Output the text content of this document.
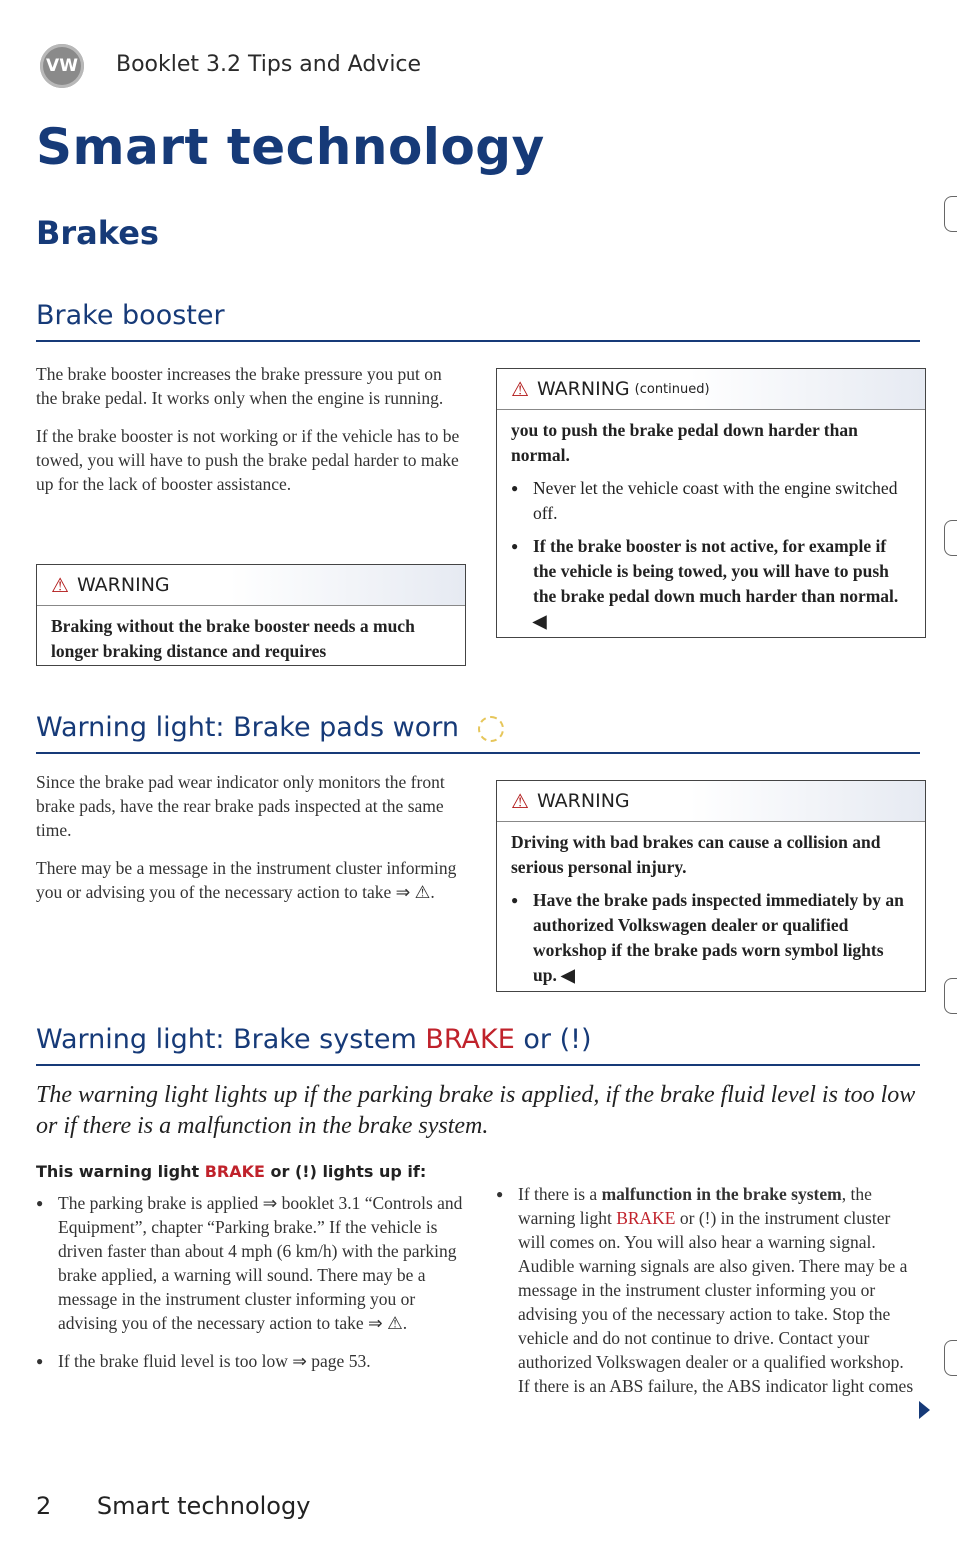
VW Booklet 3.2 Tips and Advice
Smart technology
Brakes
Brake booster

The brake booster increases the brake pressure you put on the brake pedal. It works only when the engine is running.

If the brake booster is not working or if the vehicle has to be towed, you will have to push the brake pedal harder to make up for the lack of booster assistance.

⚠ WARNING

Braking without the brake booster needs a much longer braking distance and requires

⚠ WARNING (continued)

you to push the brake pedal down harder than normal.

● Never let the vehicle coast with the engine switched off.

● If the brake booster is not active, for example if the vehicle is being towed, you will have to push the brake pedal down much harder than normal. ◀

Warning light: Brake pads worn

Since the brake pad wear indicator only monitors the front brake pads, have the rear brake pads inspected at the same time.

There may be a message in the instrument cluster informing you or advising you of the necessary action to take ⇒ ⚠.

⚠ WARNING

Driving with bad brakes can cause a collision and serious personal injury.

● Have the brake pads inspected immediately by an authorized Volkswagen dealer or qualified workshop if the brake pads worn symbol lights up. ◀

Warning light: Brake system BRAKE or (!)
The warning light lights up if the parking brake is applied, if the brake fluid level is too low or if there is a malfunction in the brake system.
This warning light BRAKE or (!) lights up if:

● The parking brake is applied ⇒ booklet 3.1 “Controls and Equipment”, chapter “Parking brake.” If the vehicle is driven faster than about 4 mph (6 km/h) with the parking brake applied, a warning will sound. There may be a message in the instrument cluster informing you or advising you of the necessary action to take ⇒ ⚠.

● If the brake fluid level is too low ⇒ page 53.

● If there is a malfunction in the brake system, the warning light BRAKE or (!) in the instrument cluster will comes on. You will also hear a warning signal. Audible warning signals are also given. There may be a message in the instrument cluster informing you or advising you of the necessary action to take. Stop the vehicle and do not continue to drive. Contact your authorized Volkswagen dealer or a qualified workshop. If there is an ABS failure, the ABS indicator light comes

2 Smart technology
